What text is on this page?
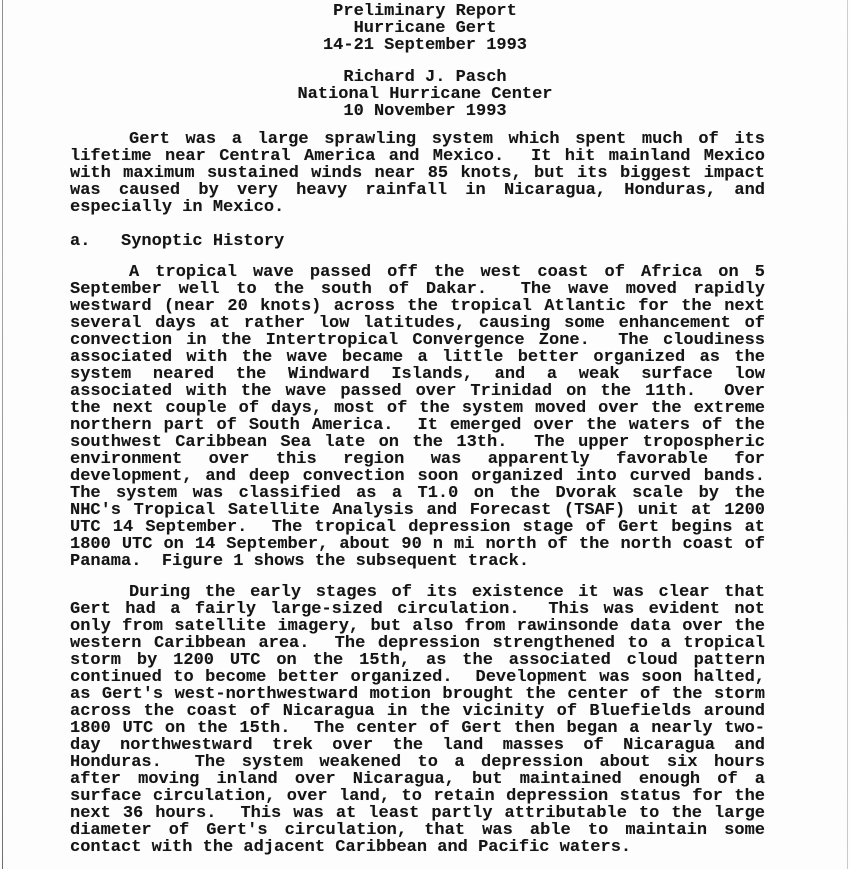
Preliminary Report
Hurricane Gert
14-21 September 1993
Richard J. Pasch
National Hurricane Center
10 November 1993
Gert was a large sprawling system which spent much of its
lifetime near Central America and Mexico.  It hit mainland Mexico
with maximum sustained winds near 85 knots, but its biggest impact
was caused by very heavy rainfall in Nicaragua, Honduras, and
especially in Mexico.
a.   Synoptic History
A tropical wave passed off the west coast of Africa on 5
September well to the south of Dakar.  The wave moved rapidly
westward (near 20 knots) across the tropical Atlantic for the next
several days at rather low latitudes, causing some enhancement of
convection in the Intertropical Convergence Zone.  The cloudiness
associated with the wave became a little better organized as the
system neared the Windward Islands, and a weak surface low
associated with the wave passed over Trinidad on the 11th.  Over
the next couple of days, most of the system moved over the extreme
northern part of South America.  It emerged over the waters of the
southwest Caribbean Sea late on the 13th.  The upper tropospheric
environment over this region was apparently favorable for
development, and deep convection soon organized into curved bands.
The system was classified as a T1.0 on the Dvorak scale by the
NHC's Tropical Satellite Analysis and Forecast (TSAF) unit at 1200
UTC 14 September.  The tropical depression stage of Gert begins at
1800 UTC on 14 September, about 90 n mi north of the north coast of
Panama.  Figure 1 shows the subsequent track.
During the early stages of its existence it was clear that
Gert had a fairly large-sized circulation.  This was evident not
only from satellite imagery, but also from rawinsonde data over the
western Caribbean area.  The depression strengthened to a tropical
storm by 1200 UTC on the 15th, as the associated cloud pattern
continued to become better organized.  Development was soon halted,
as Gert's west-northwestward motion brought the center of the storm
across the coast of Nicaragua in the vicinity of Bluefields around
1800 UTC on the 15th.  The center of Gert then began a nearly two-
day northwestward trek over the land masses of Nicaragua and
Honduras.  The system weakened to a depression about six hours
after moving inland over Nicaragua, but maintained enough of a
surface circulation, over land, to retain depression status for the
next 36 hours.  This was at least partly attributable to the large
diameter of Gert's circulation, that was able to maintain some
contact with the adjacent Caribbean and Pacific waters.
